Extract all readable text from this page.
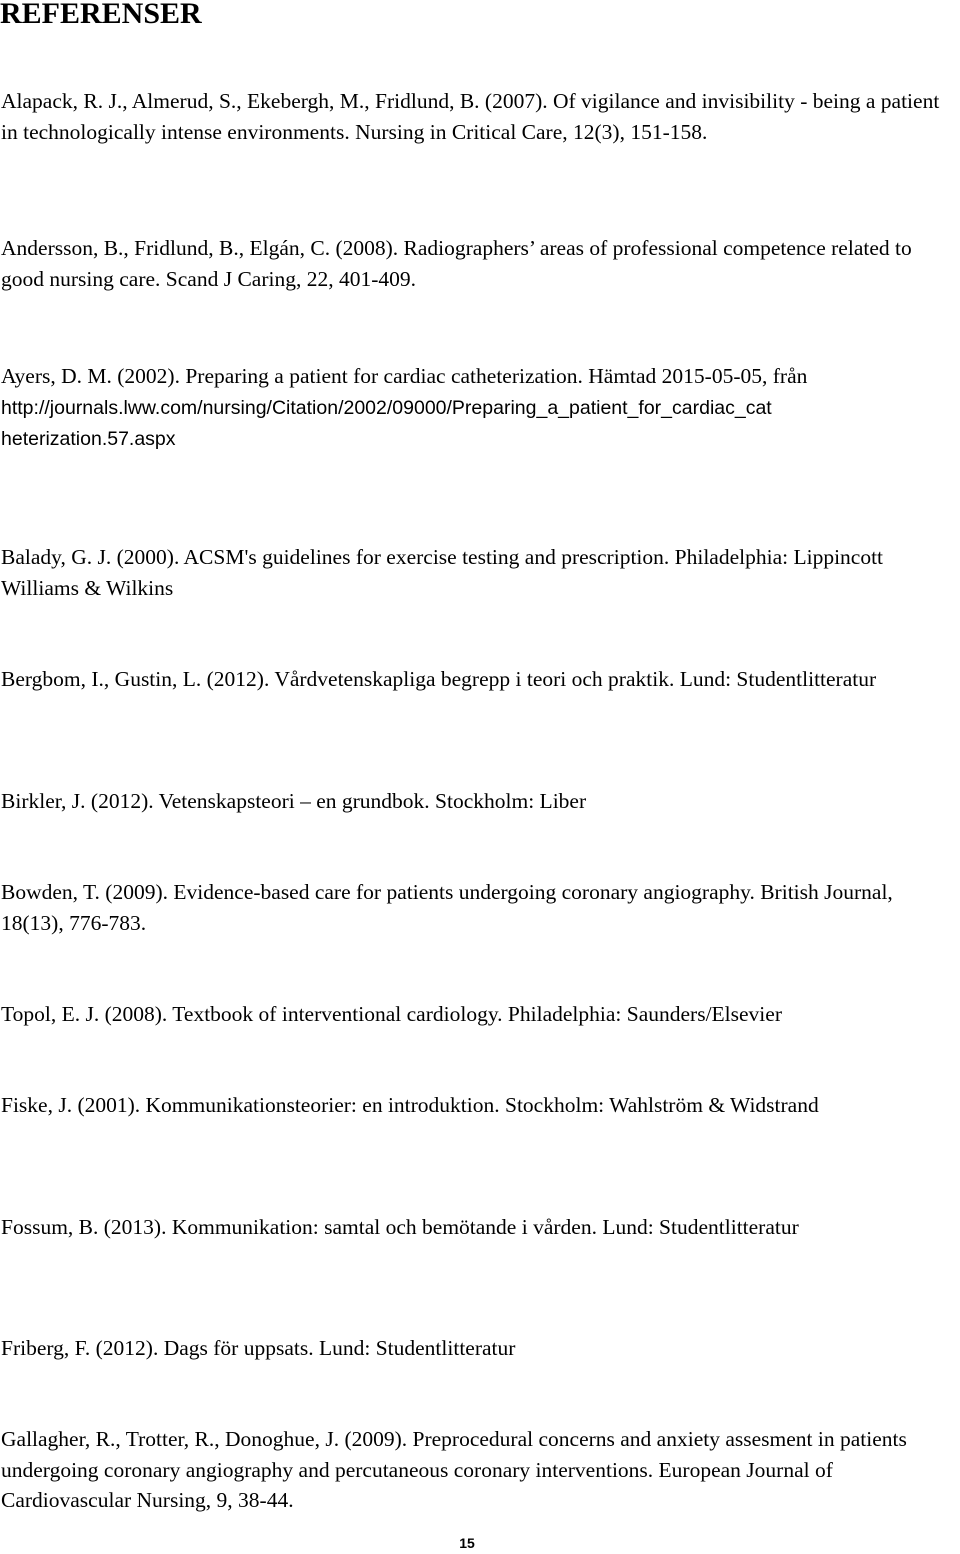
REFERENSER

Alapack, R. J., Almerud, S., Ekebergh, M., Fridlund, B. (2007). Of vigilance and invisibility - being a patient in technologically intense environments. Nursing in Critical Care, 12(3), 151-158.

Andersson, B., Fridlund, B., Elgán, C. (2008). Radiographers’ areas of professional competence related to good nursing care. Scand J Caring, 22, 401-409.

Ayers, D. M. (2002). Preparing a patient for cardiac catheterization. Hämtad 2015-05-05, från
http://journals.lww.com/nursing/Citation/2002/09000/Preparing_a_patient_for_cardiac_cat
heterization.57.aspx

Balady, G. J. (2000). ACSM's guidelines for exercise testing and prescription. Philadelphia: Lippincott Williams & Wilkins

Bergbom, I., Gustin, L. (2012). Vårdvetenskapliga begrepp i teori och praktik. Lund: Studentlitteratur

Birkler, J. (2012). Vetenskapsteori – en grundbok. Stockholm: Liber

Bowden, T. (2009). Evidence-based care for patients undergoing coronary angiography. British Journal, 18(13), 776-783.

Topol, E. J. (2008). Textbook of interventional cardiology. Philadelphia: Saunders/Elsevier

Fiske, J. (2001). Kommunikationsteorier: en introduktion. Stockholm: Wahlström & Widstrand

Fossum, B. (2013). Kommunikation: samtal och bemötande i vården. Lund: Studentlitteratur

Friberg, F. (2012). Dags för uppsats. Lund: Studentlitteratur

Gallagher, R., Trotter, R., Donoghue, J. (2009). Preprocedural concerns and anxiety assesment in patients undergoing coronary angiography and percutaneous coronary interventions. European Journal of Cardiovascular Nursing, 9, 38-44.

15
